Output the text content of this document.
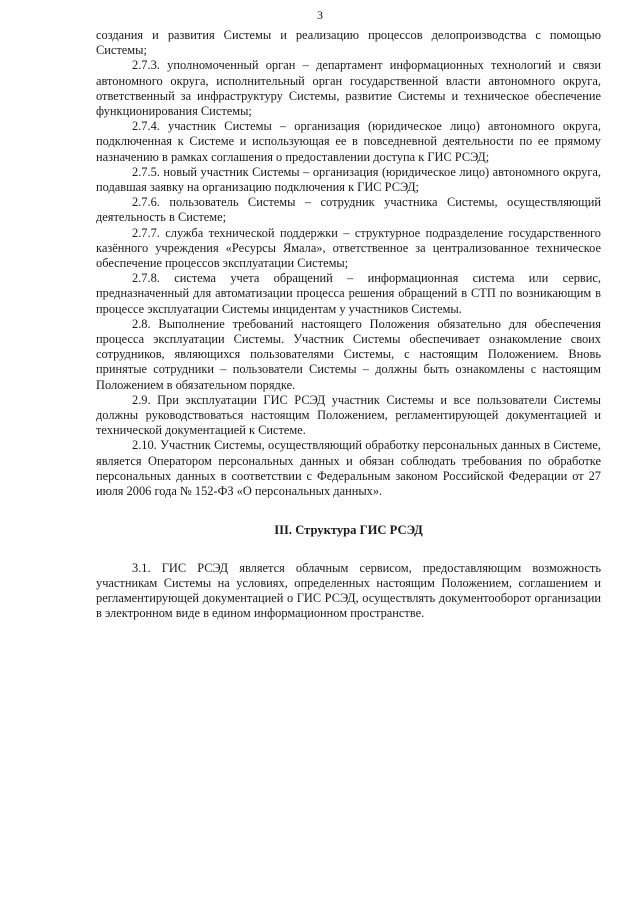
3

создания и развития Системы и реализацию процессов делопроизводства с помощью Системы;

2.7.3. уполномоченный орган – департамент информационных технологий и связи автономного округа, исполнительный орган государственной власти автономного округа, ответственный за инфраструктуру Системы, развитие Системы и техническое обеспечение функционирования Системы;

2.7.4. участник Системы – организация (юридическое лицо) автономного округа, подключенная к Системе и использующая ее в повседневной деятельности по ее прямому назначению в рамках соглашения о предоставлении доступа к ГИС РСЭД;

2.7.5. новый участник Системы – организация (юридическое лицо) автономного округа, подавшая заявку на организацию подключения к ГИС РСЭД;

2.7.6. пользователь Системы – сотрудник участника Системы, осуществляющий деятельность в Системе;

2.7.7. служба технической поддержки – структурное подразделение государственного казённого учреждения «Ресурсы Ямала», ответственное за централизованное техническое обеспечение процессов эксплуатации Системы;

2.7.8. система учета обращений – информационная система или сервис, предназначенный для автоматизации процесса решения обращений в СТП по возникающим в процессе эксплуатации Системы инцидентам у участников Системы.

2.8. Выполнение требований настоящего Положения обязательно для обеспечения процесса эксплуатации Системы. Участник Системы обеспечивает ознакомление своих сотрудников, являющихся пользователями Системы, с настоящим Положением. Вновь принятые сотрудники – пользователи Системы – должны быть ознакомлены с настоящим Положением в обязательном порядке.

2.9. При эксплуатации ГИС РСЭД участник Системы и все пользователи Системы должны руководствоваться настоящим Положением, регламентирующей документацией и технической документацией к Системе.

2.10. Участник Системы, осуществляющий обработку персональных данных в Системе, является Оператором персональных данных и обязан соблюдать требования по обработке персональных данных в соответствии с Федеральным законом Российской Федерации от 27 июля 2006 года № 152-ФЗ «О персональных данных».

III. Структура ГИС РСЭД

3.1. ГИС РСЭД является облачным сервисом, предоставляющим возможность участникам Системы на условиях, определенных настоящим Положением, соглашением и регламентирующей документацией о ГИС РСЭД, осуществлять документооборот организации в электронном виде в едином информационном пространстве.
